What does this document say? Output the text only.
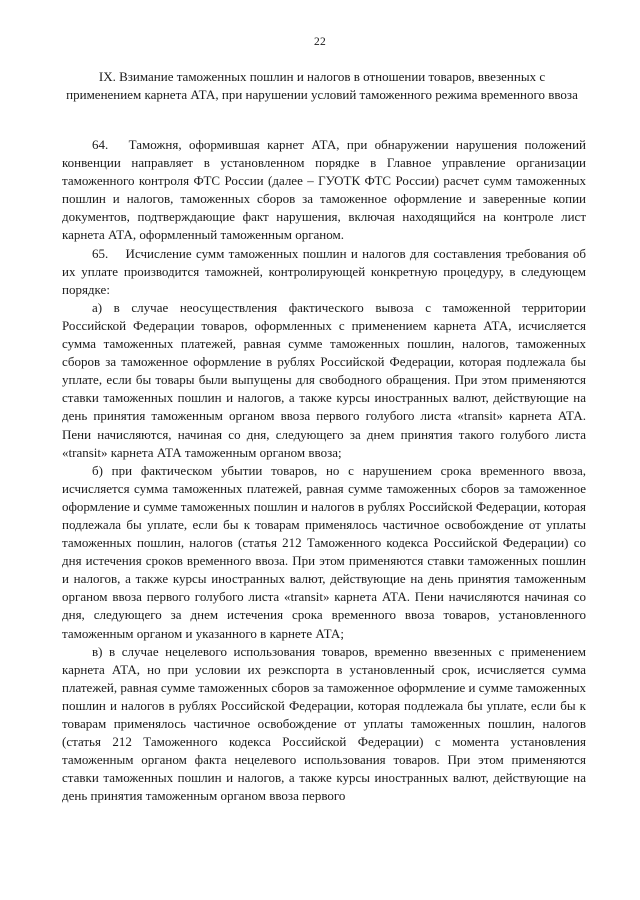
22
IX. Взимание таможенных пошлин и налогов в отношении товаров, ввезенных с применением карнета АТА, при нарушении условий таможенного режима временного ввоза

64.  Таможня, оформившая карнет АТА, при обнаружении нарушения положений конвенции направляет в установленном порядке в Главное управление организации таможенного контроля ФТС России (далее – ГУОТК ФТС России) расчет сумм таможенных пошлин и налогов, таможенных сборов за таможенное оформление и заверенные копии документов, подтверждающие факт нарушения, включая находящийся на контроле лист карнета АТА, оформленный таможенным органом.

65.  Исчисление сумм таможенных пошлин и налогов для составления требования об их уплате производится таможней, контролирующей конкретную процедуру, в следующем порядке:

а) в случае неосуществления фактического вывоза с таможенной территории Российской Федерации товаров, оформленных с применением карнета АТА, исчисляется сумма таможенных платежей, равная сумме таможенных пошлин, налогов, таможенных сборов за таможенное оформление в рублях Российской Федерации, которая подлежала бы уплате, если бы товары были выпущены для свободного обращения. При этом применяются ставки таможенных пошлин и налогов, а также курсы иностранных валют, действующие на день принятия таможенным органом ввоза первого голубого листа «transit» карнета АТА. Пени начисляются, начиная со дня, следующего за днем принятия такого голубого листа «transit» карнета АТА таможенным органом ввоза;

б) при фактическом убытии товаров, но с нарушением срока временного ввоза, исчисляется сумма таможенных платежей, равная сумме таможенных сборов за таможенное оформление и сумме таможенных пошлин и налогов в рублях Российской Федерации, которая подлежала бы уплате, если бы к товарам применялось частичное освобождение от уплаты таможенных пошлин, налогов (статья 212 Таможенного кодекса Российской Федерации) со дня истечения сроков временного ввоза. При этом применяются ставки таможенных пошлин и налогов, а также курсы иностранных валют, действующие на день принятия таможенным органом ввоза первого голубого листа «transit» карнета АТА. Пени начисляются начиная со дня, следующего за днем истечения срока временного ввоза товаров, установленного таможенным органом и указанного в карнете АТА;

в) в случае нецелевого использования товаров, временно ввезенных с применением карнета АТА, но при условии их реэкспорта в установленный срок, исчисляется сумма платежей, равная сумме таможенных сборов за таможенное оформление и сумме таможенных пошлин и налогов в рублях Российской Федерации, которая подлежала бы уплате, если бы к товарам применялось частичное освобождение от уплаты таможенных пошлин, налогов (статья 212 Таможенного кодекса Российской Федерации) с момента установления таможенным органом факта нецелевого использования товаров. При этом применяются ставки таможенных пошлин и налогов, а также курсы иностранных валют, действующие на день принятия таможенным органом ввоза первого
